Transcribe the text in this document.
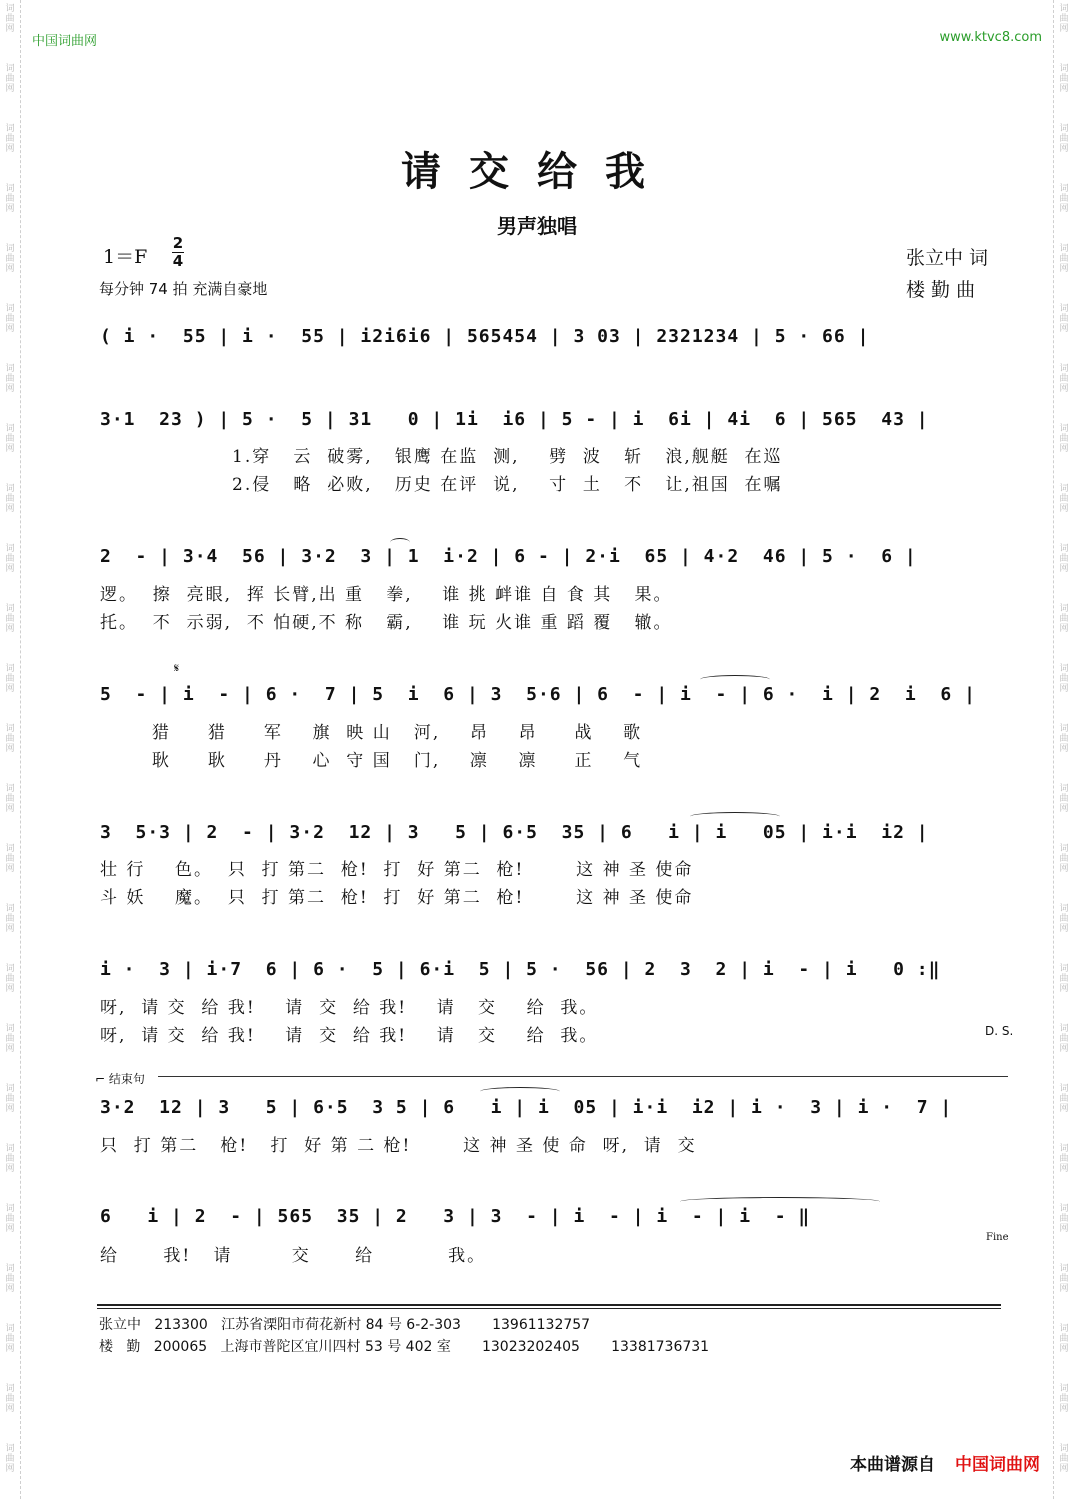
词曲网
词曲网
词曲网
词曲网
词曲网
词曲网
词曲网
词曲网
词曲网
词曲网
词曲网
词曲网
词曲网
词曲网
词曲网
词曲网
词曲网
词曲网
词曲网
词曲网
词曲网
词曲网
词曲网
词曲网
词曲网
词曲网
词曲网
词曲网
词曲网
词曲网
词曲网
词曲网
词曲网
词曲网
词曲网
词曲网
词曲网
词曲网
词曲网
词曲网
词曲网
词曲网
词曲网
词曲网
词曲网
词曲网
词曲网
词曲网
词曲网
词曲网
中国词曲网	www.ktvc8.com
请交给我
男声独唱
1＝F
2
4
每分钟 74 拍 充满自豪地
张立中 词
楼 勤 曲
( i ·  55 | i ·  55 | i2i6i6 | 565454 | 3 03 | 2321234 | 5 · 66 |
3·1  23 ) | 5 ·  5 | 31   0 | 1i  i6 | 5 - | i  6i | 4i  6 | 565  43 |
1.穿   云  破雾,   银鹰 在监  测,    劈  波   斩   浪,舰艇  在巡
2.侵   略  必败,   历史 在评  说,    寸  土   不   让,祖国  在嘱
2  - | 3·4  56 | 3·2  3 | 1  i·2 | 6 - | 2·i  65 | 4·2  46 | 5 ·  6 |
逻。  擦  亮眼,  挥 长臂,出 重   拳,    谁 挑 衅谁 自 食 其   果。
托。  不  示弱,  不 怕硬,不 称   霸,    谁 玩 火谁 重 蹈 覆   辙。
𝄋
5  - | i  - | 6 ·  7 | 5  i  6 | 3  5·6 | 6  - | i  - | 6 ·  i | 2  i  6 |
猎     猎     军    旗  映 山   河,    昂    昂     战    歌
耿     耿     丹    心  守 国   门,    凛    凛     正    气
3  5·3 | 2  - | 3·2  12 | 3   5 | 6·5  35 | 6   i | i   05 | i·i  i2 |
壮 行    色。  只  打 第二  枪!  打  好 第二  枪!       这 神 圣 使命
斗 妖    魔。  只  打 第二  枪!  打  好 第二  枪!       这 神 圣 使命
i ·  3 | i·7  6 | 6 ·  5 | 6·i  5 | 5 ·  56 | 2  3  2 | i  - | i   0 :‖
呀,  请 交  给 我!    请  交  给 我!    请   交    给  我。
呀,  请 交  给 我!    请  交  给 我!    请   交    给  我。	D. S.
⌐ 结束句
3·2  12 | 3   5 | 6·5  3 5 | 6   i | i  05 | i·i  i2 | i ·  3 | i ·  7 |
只  打 第二   枪!   打  好 第 二 枪!       这 神 圣 使 命  呀,  请  交
6   i | 2  - | 565  35 | 2   3 | 3  - | i  - | i  - | i  - ‖
给      我!   请        交      给          我。
Fine
张立中   213300   江苏省溧阳市荷花新村 84 号 6-2-303       13961132757
楼   勤   200065   上海市普陀区宜川四村 53 号 402 室       13023202405       13381736731
本曲谱源自 中国词曲网
